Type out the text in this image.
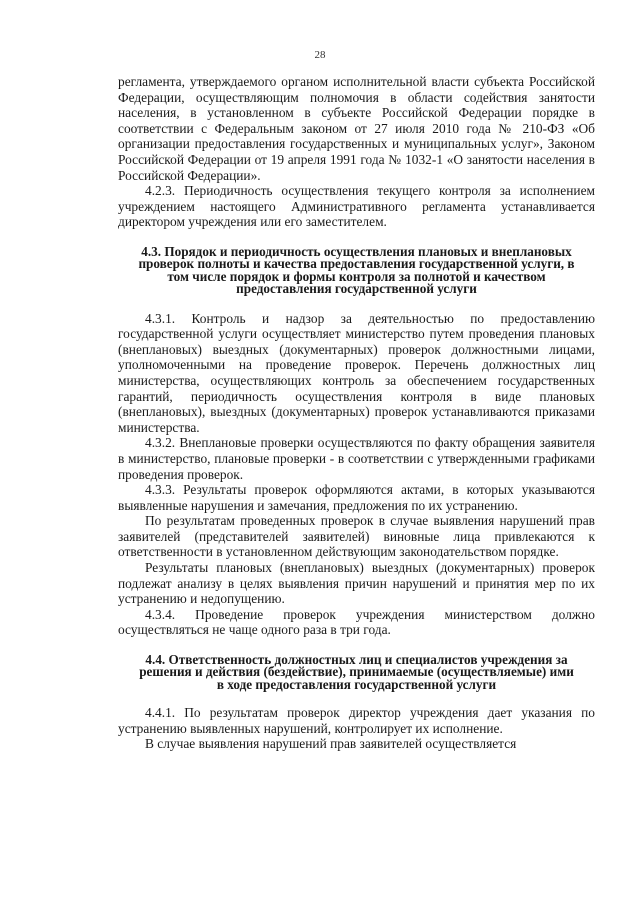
28

регламента, утверждаемого органом исполнительной власти субъекта Российской Федерации, осуществляющим полномочия в области содействия занятости населения, в установленном в субъекте Российской Федерации порядке в соответствии с Федеральным законом от 27 июля 2010 года № 210-ФЗ «Об организации предоставления государственных и муниципальных услуг», Законом Российской Федерации от 19 апреля 1991 года № 1032-1 «О занятости населения в Российской Федерации».

4.2.3. Периодичность осуществления текущего контроля за исполнением учреждением настоящего Административного регламента устанавливается директором учреждения или его заместителем.

4.3. Порядок и периодичность осуществления плановых и внеплановых проверок полноты и качества предоставления государственной услуги, в том числе порядок и формы контроля за полнотой и качеством предоставления государственной услуги

4.3.1. Контроль и надзор за деятельностью по предоставлению государственной услуги осуществляет министерство путем проведения плановых (внеплановых) выездных (документарных) проверок должностными лицами, уполномоченными на проведение проверок. Перечень должностных лиц министерства, осуществляющих контроль за обеспечением государственных гарантий, периодичность осуществления контроля в виде плановых (внеплановых), выездных (документарных) проверок устанавливаются приказами министерства.

4.3.2. Внеплановые проверки осуществляются по факту обращения заявителя в министерство, плановые проверки - в соответствии с утвержденными графиками проведения проверок.

4.3.3. Результаты проверок оформляются актами, в которых указываются выявленные нарушения и замечания, предложения по их устранению.

По результатам проведенных проверок в случае выявления нарушений прав заявителей (представителей заявителей) виновные лица привлекаются к ответственности в установленном действующим законодательством порядке.

Результаты плановых (внеплановых) выездных (документарных) проверок подлежат анализу в целях выявления причин нарушений и принятия мер по их устранению и недопущению.

4.3.4. Проведение проверок учреждения министерством должно осуществляться не чаще одного раза в три года.

4.4. Ответственность должностных лиц и специалистов учреждения за решения и действия (бездействие), принимаемые (осуществляемые) ими в ходе предоставления государственной услуги

4.4.1. По результатам проверок директор учреждения дает указания по устранению выявленных нарушений, контролирует их исполнение.

В случае выявления нарушений прав заявителей осуществляется
